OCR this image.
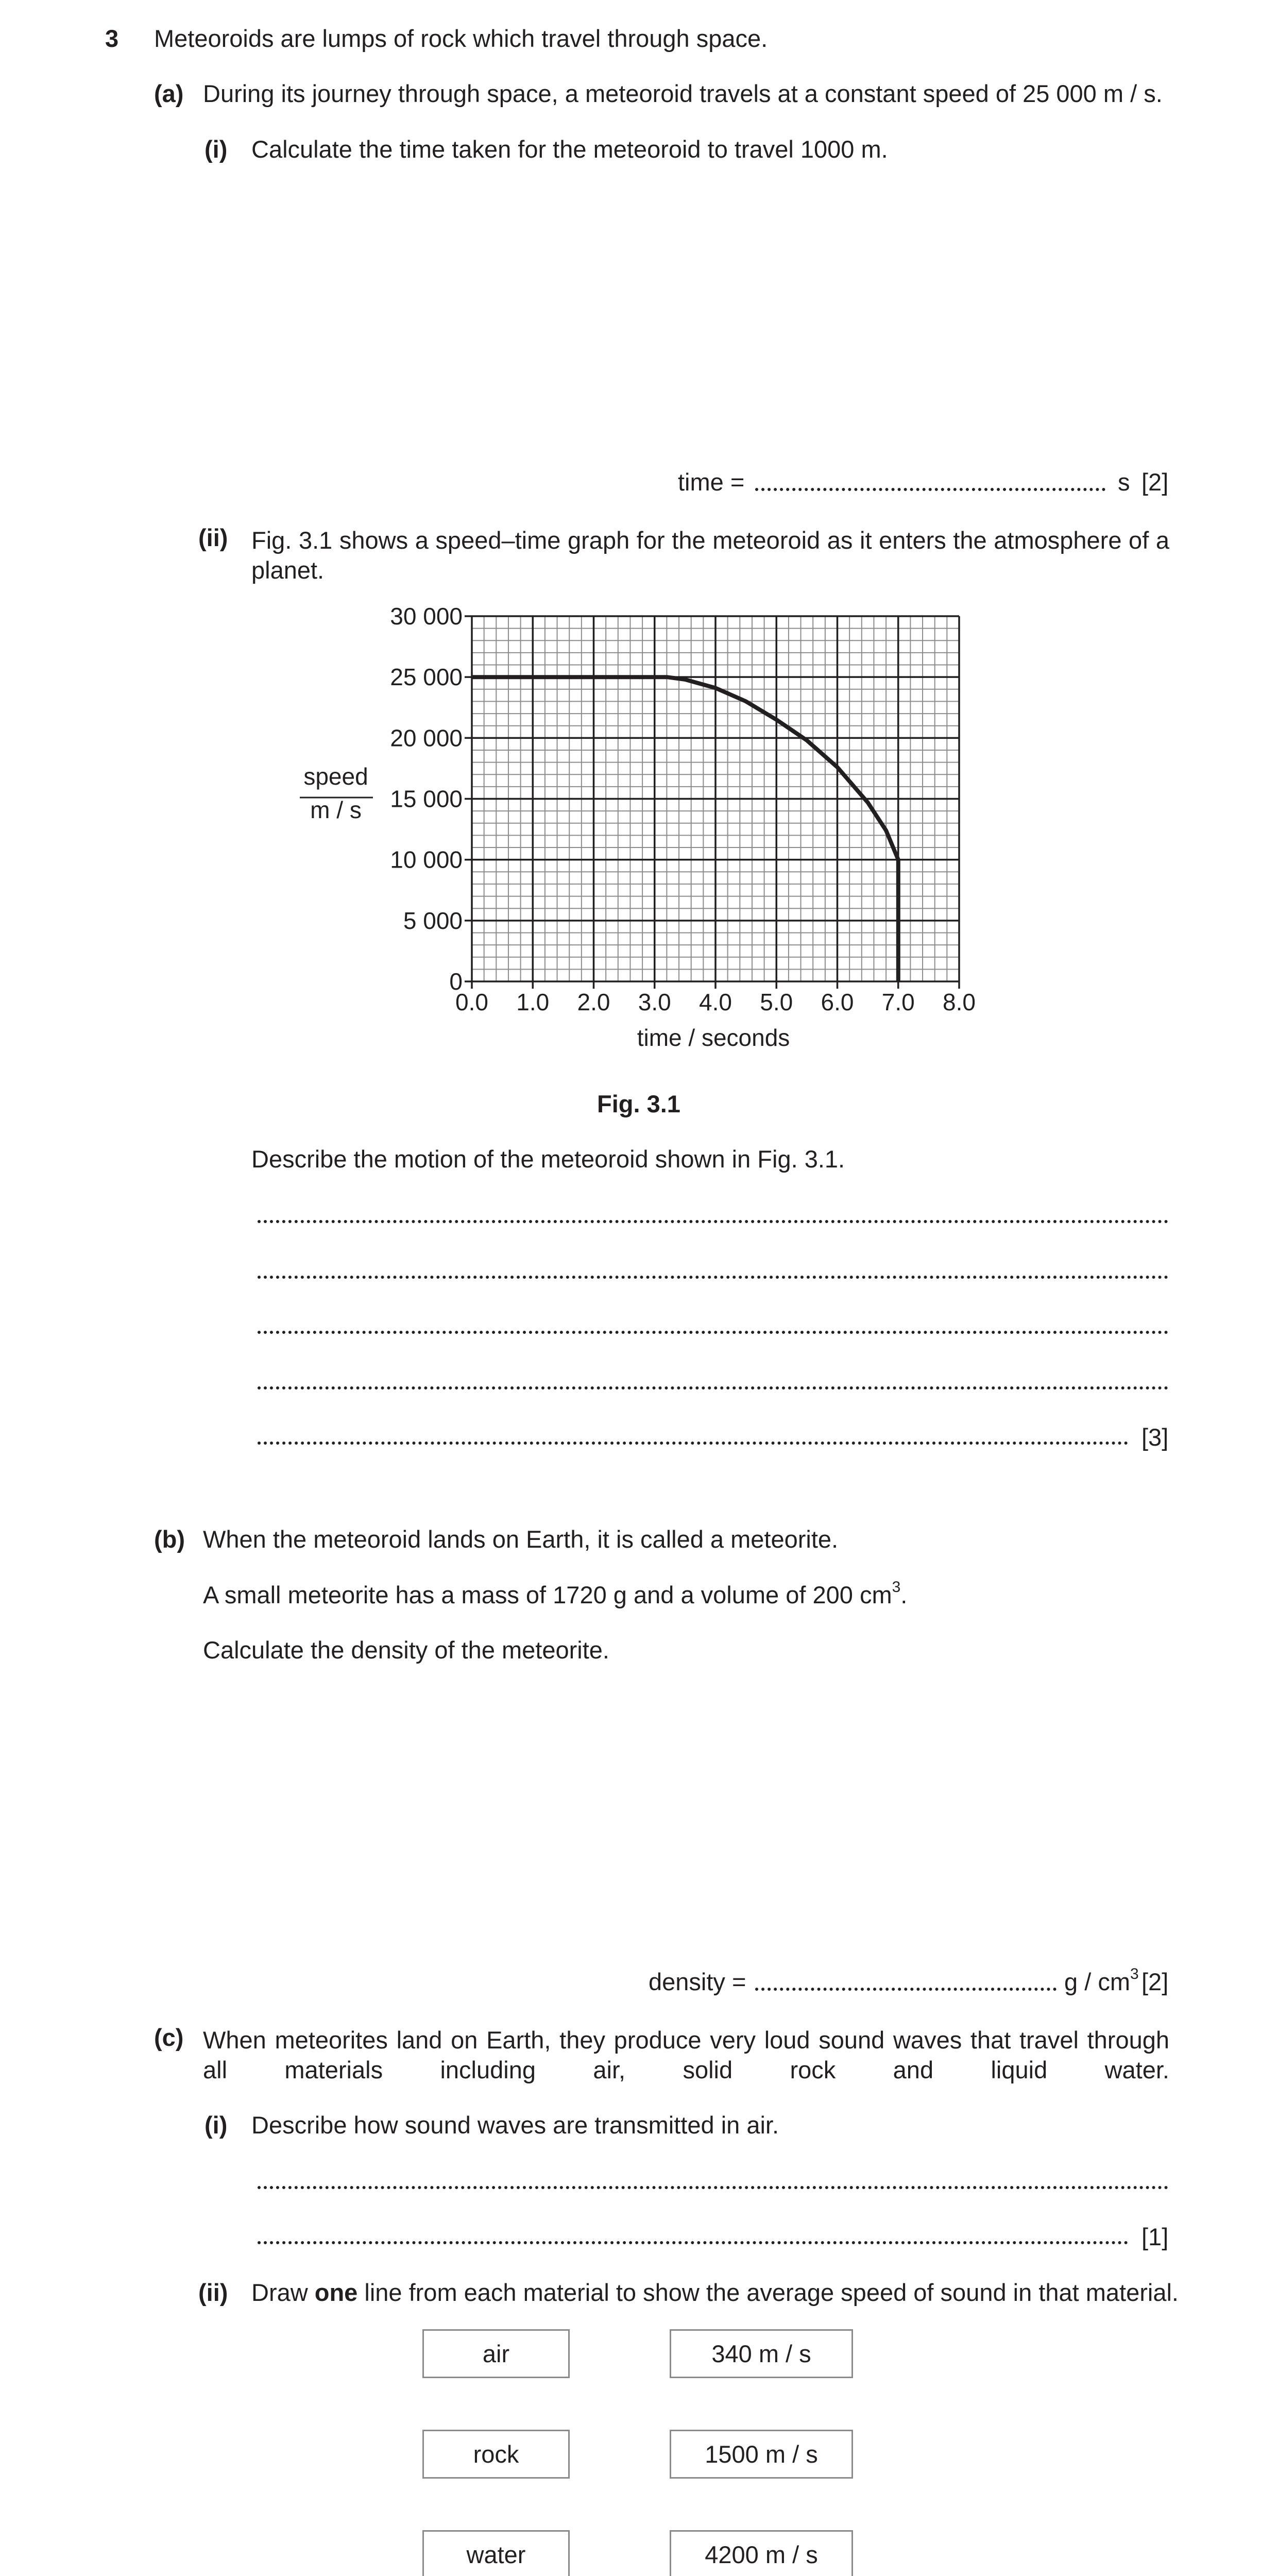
3 Meteoroids are lumps of rock which travel through space.
(a) During its journey through space, a meteoroid travels at a constant speed of 25 000 m / s.
(i) Calculate the time taken for the meteoroid to travel 1000 m.
time =	s [2]
(ii) Fig. 3.1 shows a speed–time graph for the meteoroid as it enters the atmosphere of a planet.
0.0 1.0 2.0 3.0 4.0 5.0 6.0 7.0 8.0
0
5 000
10 000
15 000
20 000
25 000
30 000
speed
m / s
time / seconds
Fig. 3.1
Describe the motion of the meteoroid shown in Fig. 3.1.
[3]
(b) When the meteoroid lands on Earth, it is called a meteorite.
A small meteorite has a mass of 1720 g and a volume of 200 $cm^3$.
Calculate the density of the meteorite.
density =	g / $cm^3$ [2]
(c) When meteorites land on Earth, they produce very loud sound waves that travel through all materials including air, solid rock and liquid water.
(i) Describe how sound waves are transmitted in air.
[1]
(ii) Draw one line from each material to show the average speed of sound in that material.
air
rock
water
340 m / s
1500 m / s
4200 m / s
